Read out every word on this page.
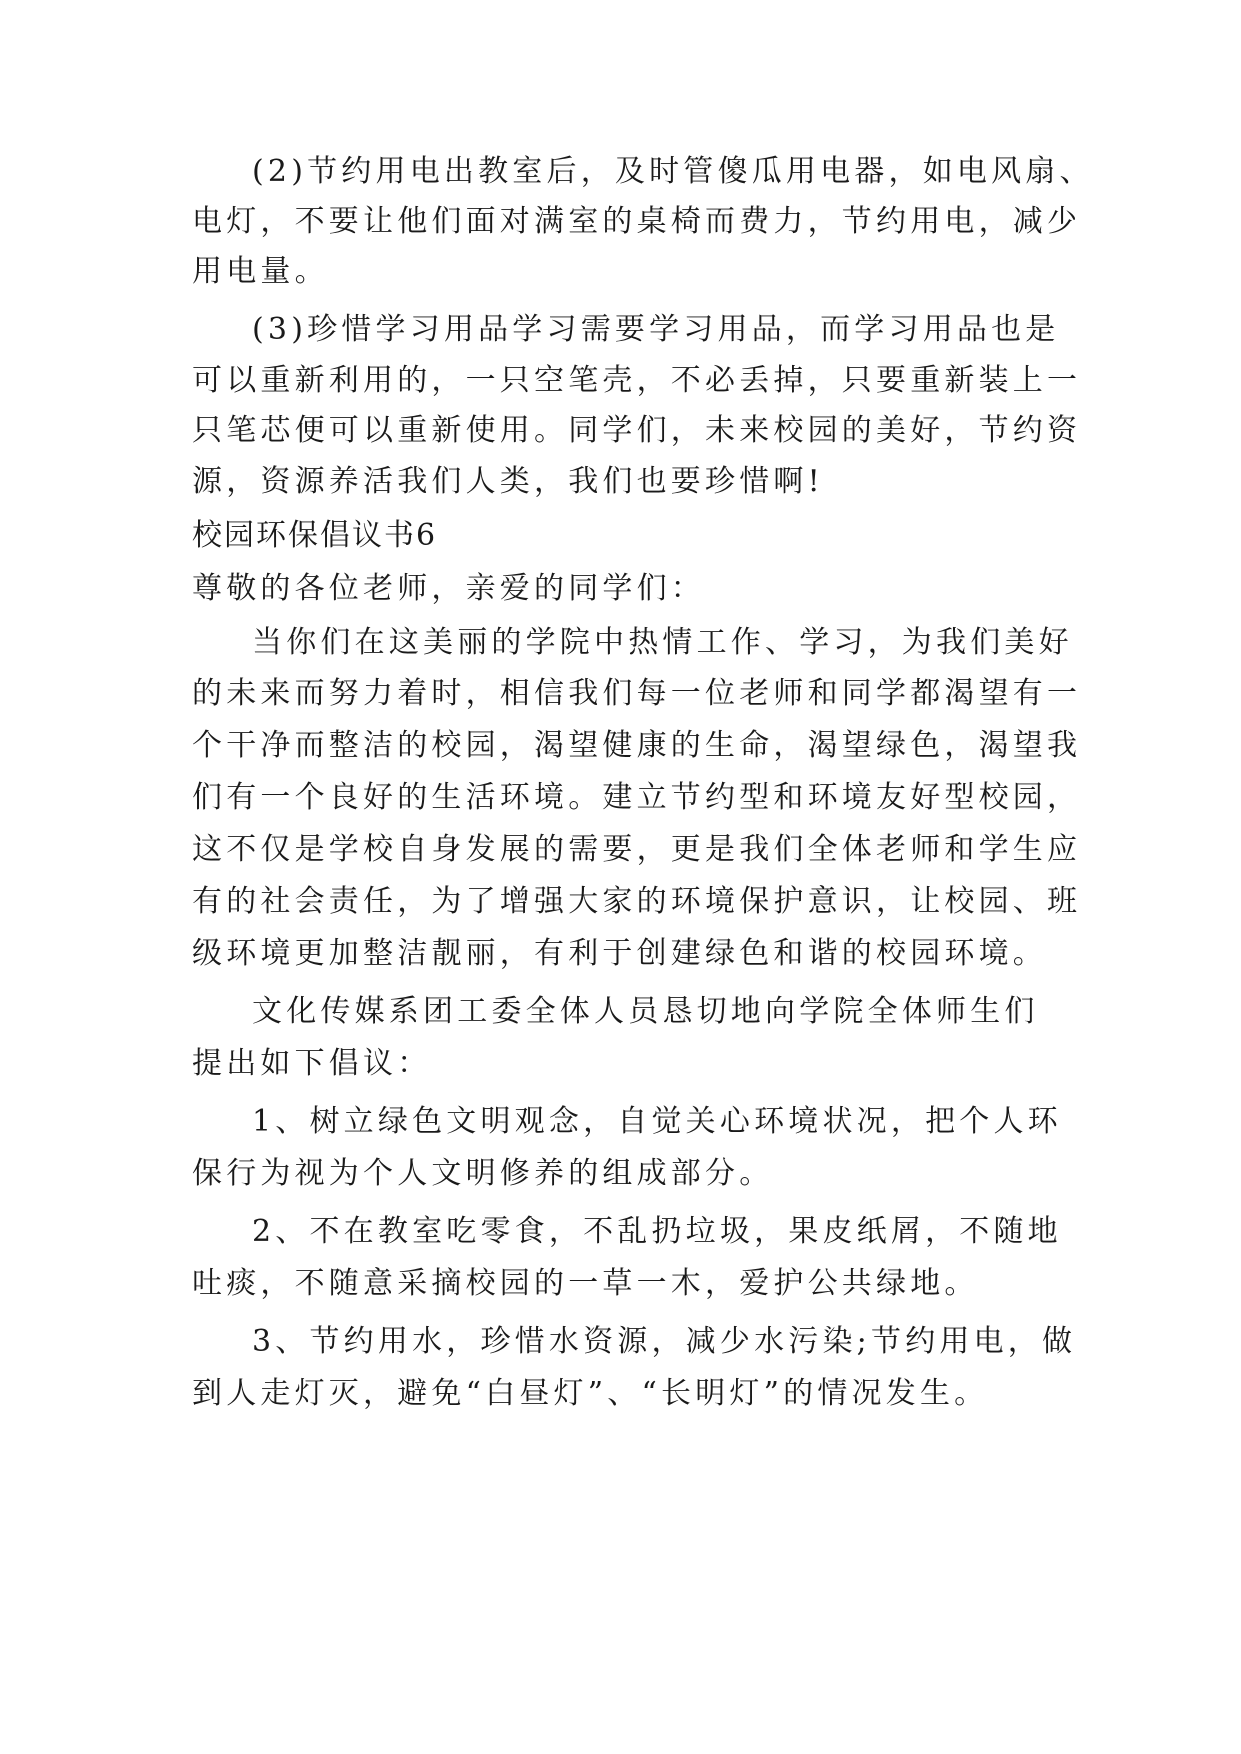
(2)节约用电出教室后，及时管傻瓜用电器，如电风扇、
电灯，不要让他们面对满室的桌椅而费力，节约用电，减少
用电量。
(3)珍惜学习用品学习需要学习用品，而学习用品也是
可以重新利用的，一只空笔壳，不必丢掉，只要重新装上一
只笔芯便可以重新使用。同学们，未来校园的美好，节约资
源，资源养活我们人类，我们也要珍惜啊!
校园环保倡议书6
尊敬的各位老师，亲爱的同学们：
当你们在这美丽的学院中热情工作、学习，为我们美好
的未来而努力着时，相信我们每一位老师和同学都渴望有一
个干净而整洁的校园，渴望健康的生命，渴望绿色，渴望我
们有一个良好的生活环境。建立节约型和环境友好型校园，
这不仅是学校自身发展的需要，更是我们全体老师和学生应
有的社会责任，为了增强大家的环境保护意识，让校园、班
级环境更加整洁靓丽，有利于创建绿色和谐的校园环境。
文化传媒系团工委全体人员恳切地向学院全体师生们
提出如下倡议：
1、树立绿色文明观念，自觉关心环境状况，把个人环
保行为视为个人文明修养的组成部分。
2、不在教室吃零食，不乱扔垃圾，果皮纸屑，不随地
吐痰，不随意采摘校园的一草一木，爱护公共绿地。
3、节约用水，珍惜水资源，减少水污染;节约用电，做
到人走灯灭，避免“白昼灯”、“长明灯”的情况发生。
